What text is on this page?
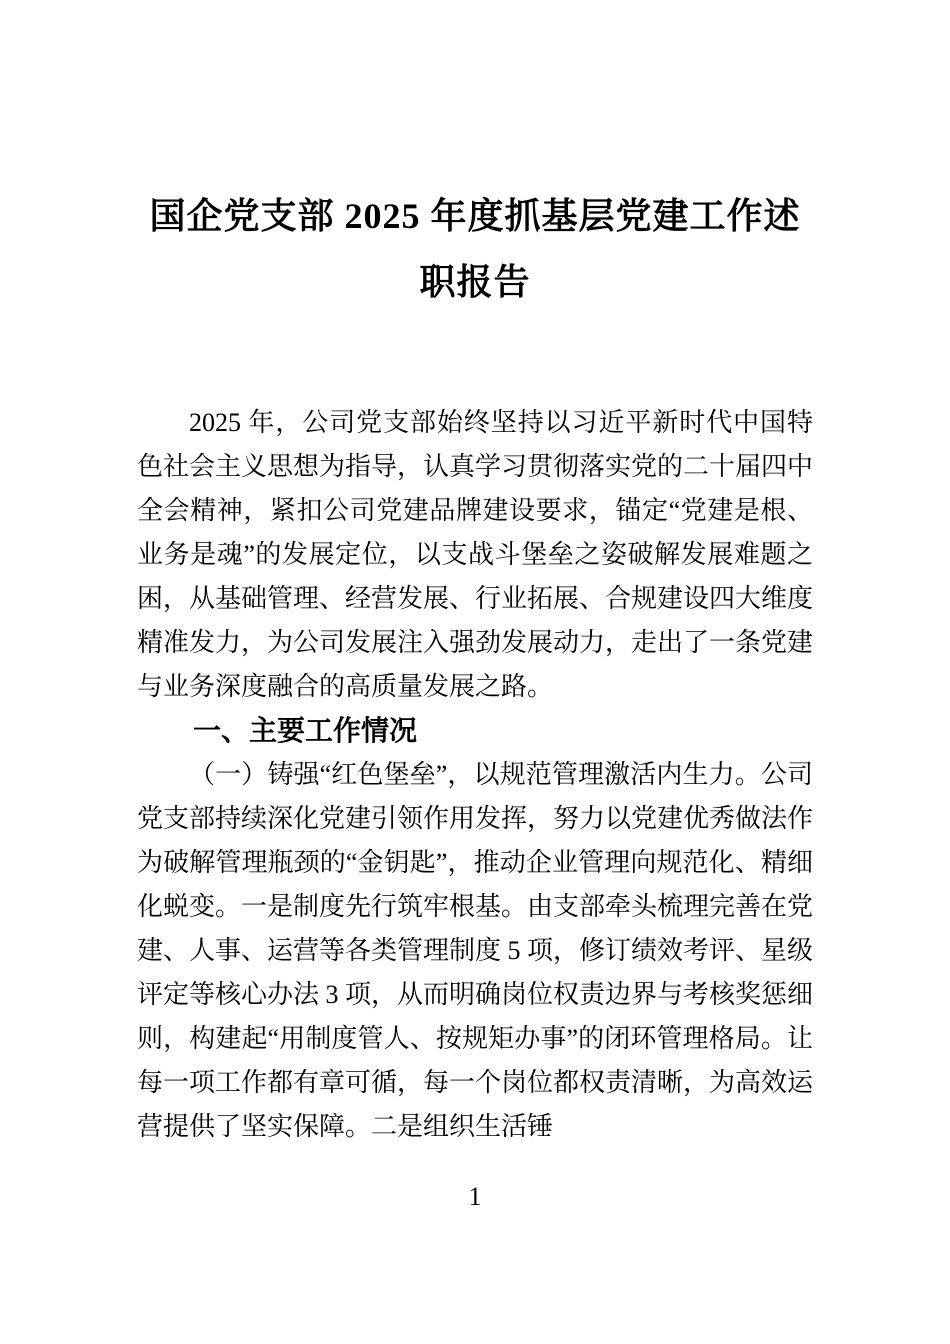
国企党支部 2025 年度抓基层党建工作述职报告

2025 年，公司党支部始终坚持以习近平新时代中国特色社会主义思想为指导，认真学习贯彻落实党的二十届四中全会精神，紧扣公司党建品牌建设要求，锚定“党建是根、业务是魂”的发展定位，以支战斗堡垒之姿破解发展难题之困，从基础管理、经营发展、行业拓展、合规建设四大维度精准发力，为公司发展注入强劲发展动力，走出了一条党建与业务深度融合的高质量发展之路。

一、主要工作情况

（一）铸强“红色堡垒”，以规范管理激活内生力。公司党支部持续深化党建引领作用发挥，努力以党建优秀做法作为破解管理瓶颈的“金钥匙”，推动企业管理向规范化、精细化蜕变。一是制度先行筑牢根基。由支部牵头梳理完善在党建、人事、运营等各类管理制度 5 项，修订绩效考评、星级评定等核心办法 3 项，从而明确岗位权责边界与考核奖惩细则，构建起“用制度管人、按规矩办事”的闭环管理格局。让每一项工作都有章可循，每一个岗位都权责清晰，为高效运营提供了坚实保障。二是组织生活锤

1
